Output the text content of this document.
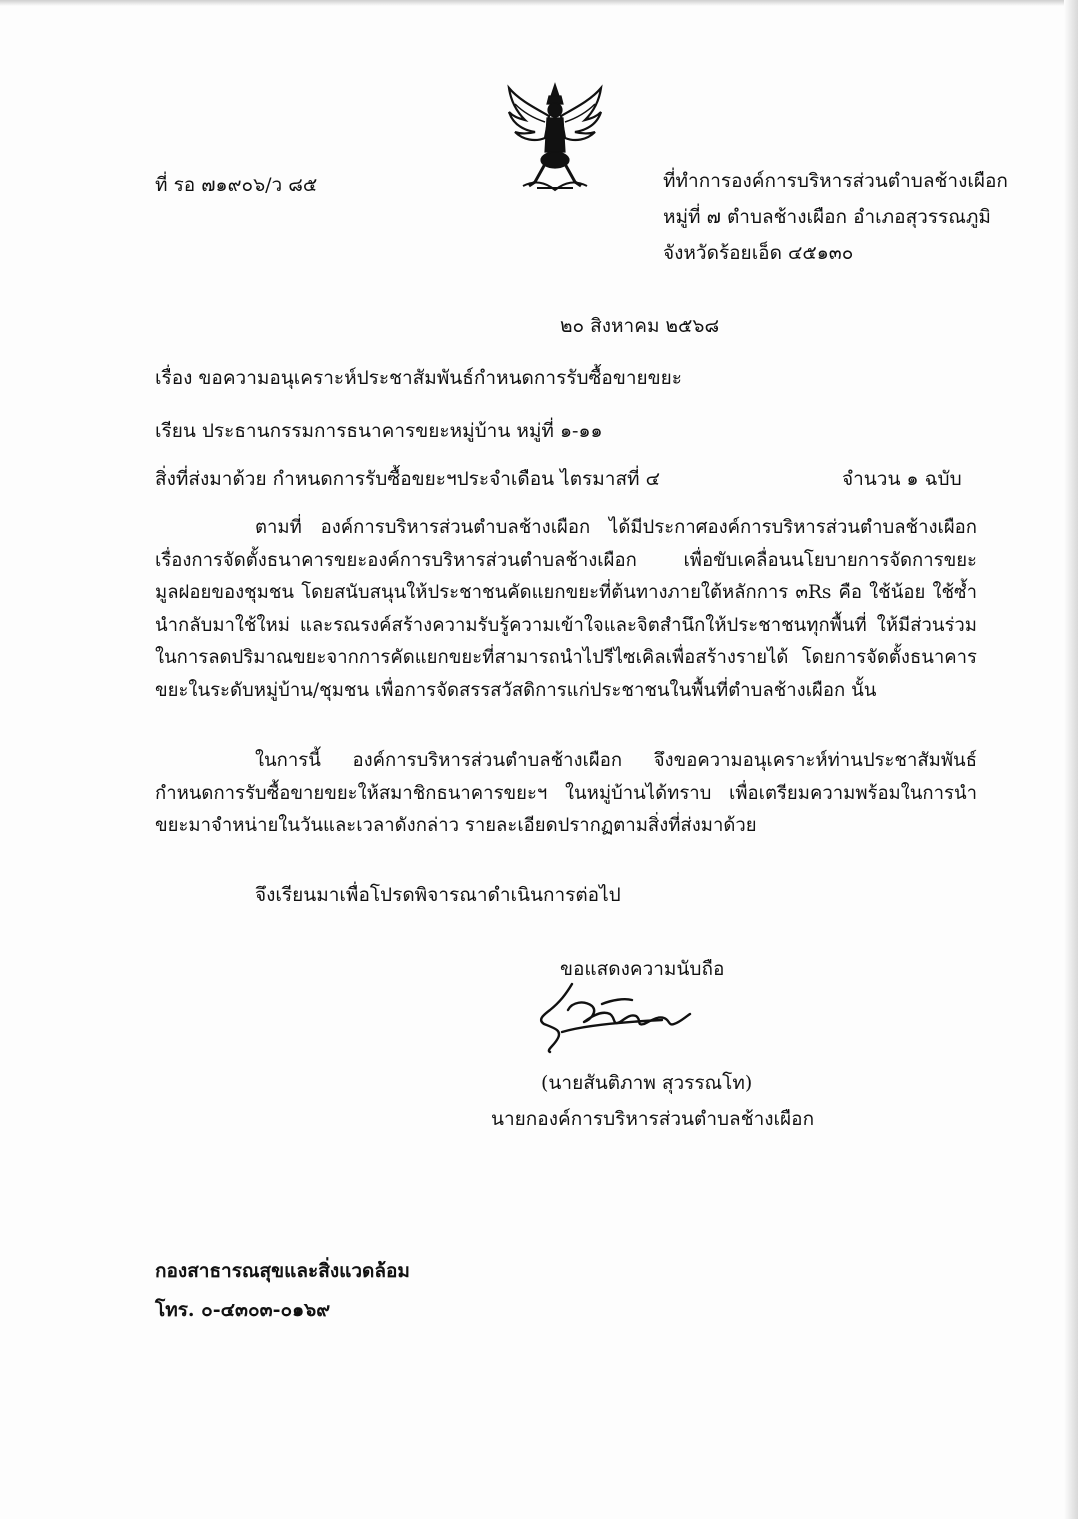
ที่ รอ ๗๑๙๐๖/ว ๘๕	ที่ทำการองค์การบริหารส่วนตำบลช้างเผือก
หมู่ที่ ๗ ตำบลช้างเผือก อำเภอสุวรรณภูมิ
จังหวัดร้อยเอ็ด ๔๕๑๓๐
๒๐ สิงหาคม ๒๕๖๘
เรื่อง ขอความอนุเคราะห์ประชาสัมพันธ์กำหนดการรับซื้อขายขยะ
เรียน ประธานกรรมการธนาคารขยะหมู่บ้าน หมู่ที่ ๑-๑๑
สิ่งที่ส่งมาด้วย กำหนดการรับซื้อขยะฯประจำเดือน ไตรมาสที่ ๔	จำนวน ๑ ฉบับ

ตามที่ องค์การบริหารส่วนตำบลช้างเผือก ได้มีประกาศองค์การบริหารส่วนตำบลช้างเผือก เรื่องการจัดตั้งธนาคารขยะองค์การบริหารส่วนตำบลช้างเผือก เพื่อขับเคลื่อนนโยบายการจัดการขยะมูลฝอยของชุมชน โดยสนับสนุนให้ประชาชนคัดแยกขยะที่ต้นทางภายใต้หลักการ ๓Rs คือ ใช้น้อย ใช้ซ้ำ นำกลับมาใช้ใหม่ และรณรงค์สร้างความรับรู้ความเข้าใจและจิตสำนึกให้ประชาชนทุกพื้นที่ ให้มีส่วนร่วมในการลดปริมาณขยะจากการคัดแยกขยะที่สามารถนำไปรีไซเคิลเพื่อสร้างรายได้ โดยการจัดตั้งธนาคารขยะในระดับหมู่บ้าน/ชุมชน เพื่อการจัดสรรสวัสดิการแก่ประชาชนในพื้นที่ตำบลช้างเผือก นั้น

ในการนี้ องค์การบริหารส่วนตำบลช้างเผือก จึงขอความอนุเคราะห์ท่านประชาสัมพันธ์กำหนดการรับซื้อขายขยะให้สมาชิกธนาคารขยะฯ ในหมู่บ้านได้ทราบ เพื่อเตรียมความพร้อมในการนำขยะมาจำหน่ายในวันและเวลาดังกล่าว รายละเอียดปรากฏตามสิ่งที่ส่งมาด้วย

จึงเรียนมาเพื่อโปรดพิจารณาดำเนินการต่อไป
ขอแสดงความนับถือ
(นายสันติภาพ สุวรรณโท)
นายกองค์การบริหารส่วนตำบลช้างเผือก
กองสาธารณสุขและสิ่งแวดล้อม
โทร. ๐-๔๓๐๓-๐๑๖๙
